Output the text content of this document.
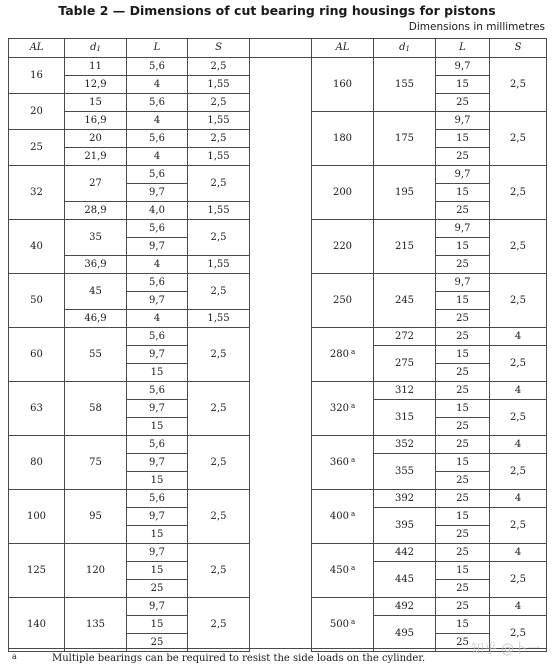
Table 2 — Dimensions of cut bearing ring housings for pistons
Dimensions in millimetres
AL	$d_1$	L	S		AL	$d_1$	L	S
16	11	5,6	2,5		160	155	9,7	2,5
	12,9	4	1,55				15	
20	15	5,6	2,5				25	
	16,9	4	1,55		180	175	9,7	2,5
25	20	5,6	2,5				15	
	21,9	4	1,55				25	
32	27	5,6	2,5		200	195	9,7	2,5
		9,7					15	
	28,9	4,0	1,55				25	
40	35	5,6	2,5		220	215	9,7	2,5
		9,7					15	
	36,9	4	1,55				25	
50	45	5,6	2,5		250	245	9,7	2,5
		9,7					15	
	46,9	4	1,55				25	
60	55	5,6	2,5		280 $^a$	272	25	4
		9,7				275	15	2,5
		15					25	
63	58	5,6	2,5		320 $^a$	312	25	4
		9,7				315	15	2,5
		15					25	
80	75	5,6	2,5		360 $^a$	352	25	4
		9,7				355	15	2,5
		15					25	
100	95	5,6	2,5		400 $^a$	392	25	4
		9,7				395	15	2,5
		15					25	
125	120	9,7	2,5		450 $^a$	442	25	4
		15				445	15	2,5
		25					25	
140	135	9,7	2,5		500 $^a$	492	25	4
		15				495	15	2,5
		25					25	
a	Multiple bearings can be required to resist the side loads on the cylinder.
知乎 @卜一
